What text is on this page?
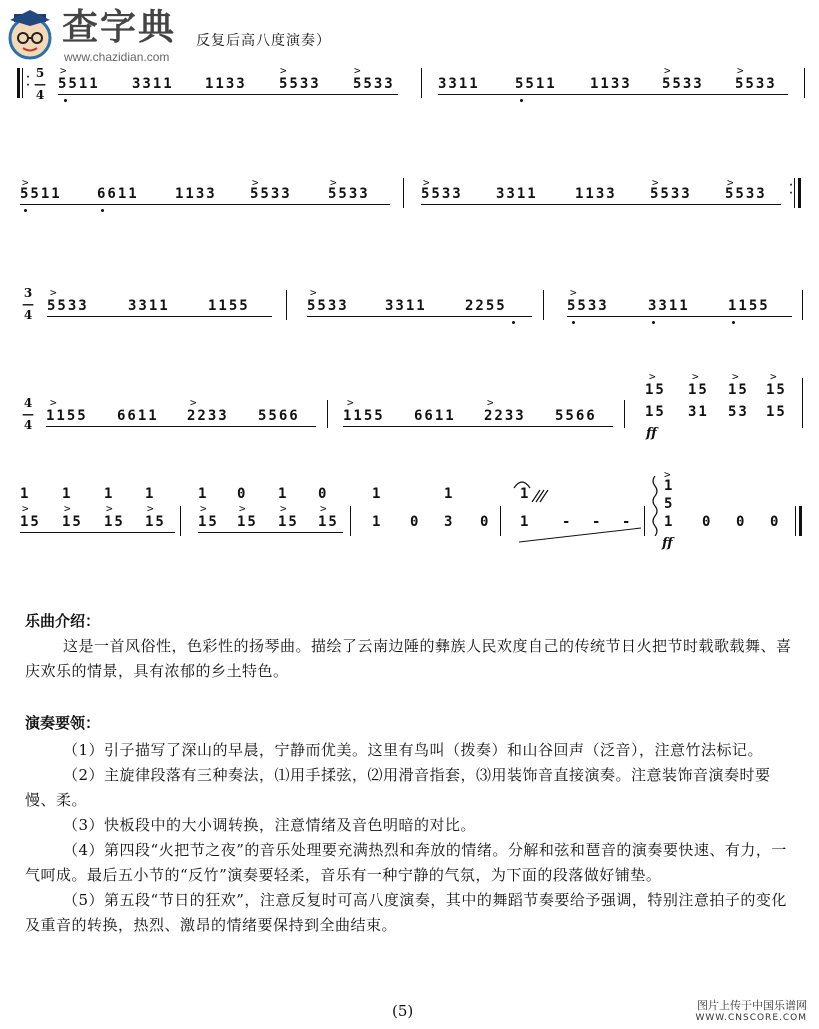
查字典
www.chazidian.com
反复后高八度演奏）
·
·
5
—
4
>
5511 3311 1133
>
5533
>
5533	3311	5511 1133
>
5533
>
5533
>
5511	6611	1133
>
5533
>
5533
>
5533 3311	1133
>
5533
>
5533
·
·
3
—
4
>
5533	3311	1155
>
5533	3311	2255
>
5533	3311	1155
4
—
4
>
1155 6611
>
2233 5566
>
1155 6611
>
2233 5566
>
15
15
>
15
31
>
15
53
>
15
15
ff
1 1 1 1	1 0 1 0	1	1	1
>
15
>
15
>
15
>
15
>
15
>
15
>
15
>
15 1 0 3 0 1 - - -
>
1
5
1
ff
0 0 0
乐曲介绍：
这是一首风俗性，色彩性的扬琴曲。描绘了云南边陲的彝族人民欢度自己的传统节日火把节时载歌载舞、喜庆欢乐的情景，具有浓郁的乡土特色。
演奏要领：
（1）引子描写了深山的早晨，宁静而优美。这里有鸟叫（拨奏）和山谷回声（泛音），注意竹法标记。
（2）主旋律段落有三种奏法，⑴用手揉弦，⑵用滑音指套，⑶用装饰音直接演奏。注意装饰音演奏时要慢、柔。
（3）快板段中的大小调转换，注意情绪及音色明暗的对比。
（4）第四段“火把节之夜”的音乐处理要充满热烈和奔放的情绪。分解和弦和琶音的演奏要快速、有力，一气呵成。最后五小节的“反竹”演奏要轻柔，音乐有一种宁静的气氛，为下面的段落做好铺垫。
（5）第五段“节日的狂欢”，注意反复时可高八度演奏，其中的舞蹈节奏要给予强调，特别注意拍子的变化及重音的转换，热烈、激昂的情绪要保持到全曲结束。
(5)	图片上传于中国乐谱网
WWW.CNSCORE.COM
